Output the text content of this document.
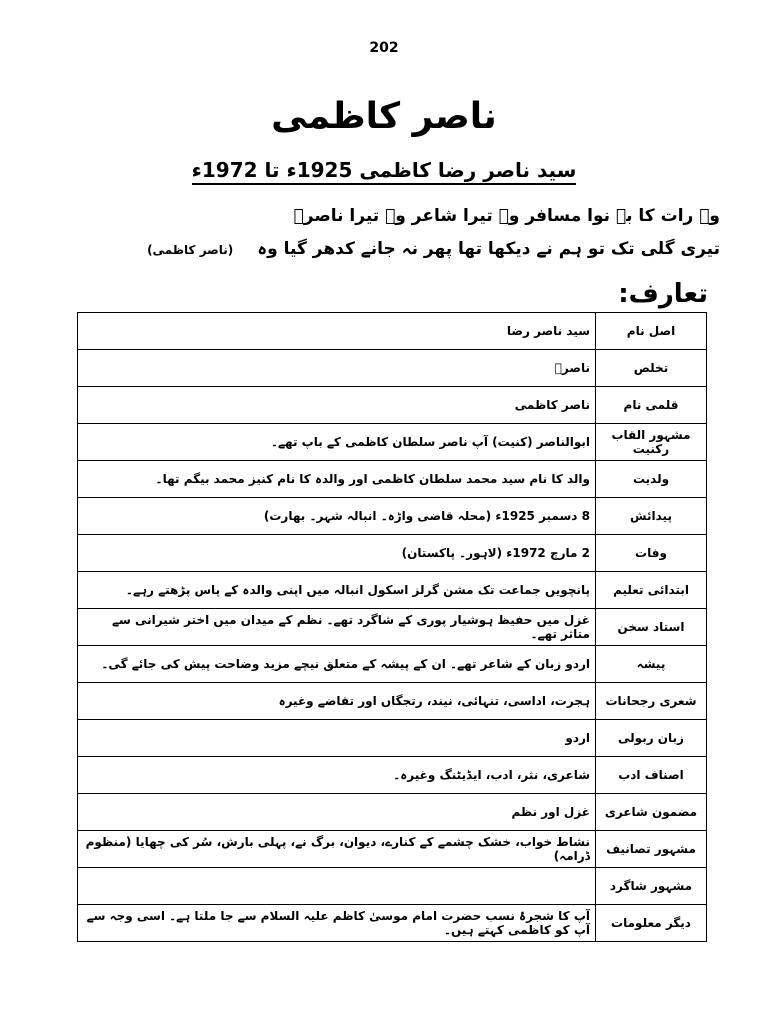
202
ناصر کاظمی
سید ناصر رضا کاظمی 1925ء تا 1972ء
وہ رات کا بے نوا مسافر وہ تیرا شاعر وہ تیرا ناصرؔ
تیری گلی تک تو ہم نے دیکھا تھا پھر نہ جانے کدھر گیا وہ (ناصر کاظمی)
تعارف:
اصل نام	سید ناصر رضا
تخلص	ناصرؔ
قلمی نام	ناصر کاظمی
مشہور القاب رکنیت	ابوالناصر (کنیت) آپ ناصر سلطان کاظمی کے باپ تھے۔
ولدیت	والد کا نام سید محمد سلطان کاظمی اور والدہ کا نام کنیز محمد بیگم تھا۔
پیدائش	8 دسمبر 1925ء (محلہ قاضی واڑہ۔ انبالہ شہر۔ بھارت)
وفات	2 مارچ 1972ء (لاہور۔ پاکستان)
ابتدائی تعلیم	پانچویں جماعت تک مشن گرلز اسکول انبالہ میں اپنی والدہ کے پاس پڑھتے رہے۔
استاد سخن	غزل میں حفیظ ہوشیار پوری کے شاگرد تھے۔ نظم کے میدان میں اختر شیرانی سے متاثر تھے۔
پیشہ	اردو زبان کے شاعر تھے۔ ان کے پیشہ کے متعلق نیچے مزید وضاحت پیش کی جائے گی۔
شعری رجحانات	ہجرت، اداسی، تنہائی، نیند، رتجگاں اور تقاضے وغیرہ
زبان ربولی	اردو
اصناف ادب	شاعری، نثر، ادب، ایڈیٹنگ وغیرہ۔
مضمون شاعری	غزل اور نظم
مشہور تصانیف	نشاط خواب، خشک چشمے کے کنارے، دیوان، برگ نے، پہلی بارش، سُر کی چھایا (منظوم ڈرامہ)
مشہور شاگرد	
دیگر معلومات	آپ کا شجرۂ نسب حضرت امام موسیٰ کاظم علیہ السلام سے جا ملتا ہے۔ اسی وجہ سے آپ کو کاظمی کہتے ہیں۔
